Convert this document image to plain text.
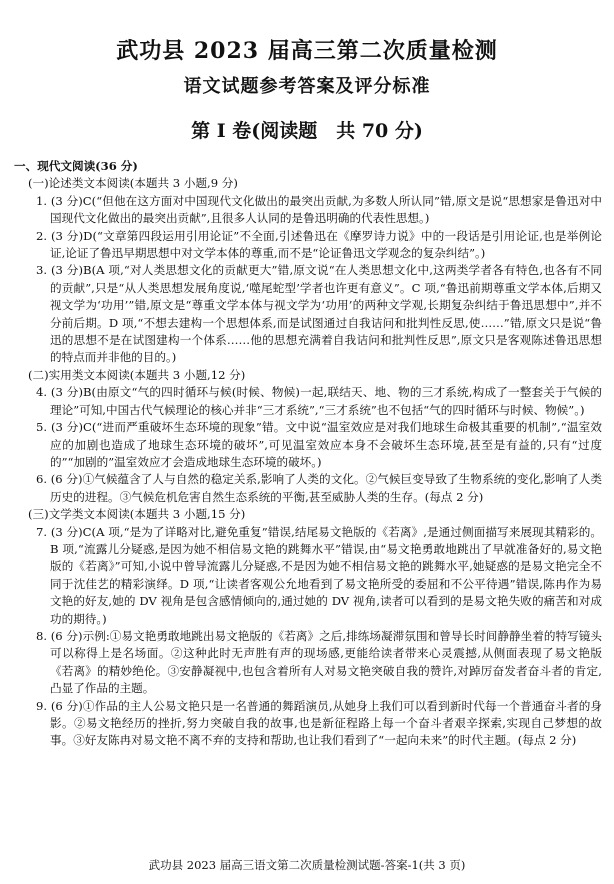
武功县 2023 届高三第二次质量检测
语文试题参考答案及评分标准
第 I 卷(阅读题　共 70 分)
一、现代文阅读(36 分)
(一)论述类文本阅读(本题共 3 小题,9 分)
1. (3 分)C(“但他在这方面对中国现代文化做出的最突出贡献,为多数人所认同”错,原文是说“思想家是鲁迅对中国现代文化做出的最突出贡献”,且很多人认同的是鲁迅明确的代表性思想。)
2. (3 分)D(“文章第四段运用引用论证”不全面,引述鲁迅在《摩罗诗力说》中的一段话是引用论证,也是举例论证,论证了鲁迅早期思想中对文学本体的尊重,而不是“论证鲁迅文学观念的复杂纠结”。)
3. (3 分)B(A 项,“对人类思想文化的贡献更大”错,原文说“在人类思想文化中,这两类学者各有特色,也各有不同的贡献”,只是“从人类思想发展角度说,‘噬尾蛇型’学者也许更有意义”。C 项,“鲁迅前期尊重文学本体,后期又视文学为‘功用’”错,原文是“尊重文学本体与视文学为‘功用’的两种文学观,长期复杂纠结于鲁迅思想中”,并不分前后期。D 项,“不想去建构一个思想体系,而是试图通过自我诘问和批判性反思,使……”错,原文只是说“鲁迅的思想不是在试图建构一个体系……他的思想充满着自我诘问和批判性反思”,原文只是客观陈述鲁迅思想的特点而并非他的目的。)
(二)实用类文本阅读(本题共 3 小题,12 分)
4. (3 分)B(由原文“气的四时循环与候(时候、物候)一起,联结天、地、物的三才系统,构成了一整套关于气候的理论”可知,中国古代气候理论的核心并非“三才系统”,“三才系统”也不包括“气的四时循环与时候、物候”。)
5. (3 分)C(“进而严重破坏生态环境的现象”错。文中说“温室效应是对我们地球生命极其重要的机制”,“温室效应的加剧也造成了地球生态环境的破坏”,可见温室效应本身不会破坏生态环境,甚至是有益的,只有“过度的”“加剧的”温室效应才会造成地球生态环境的破坏。)
6. (6 分)①气候蕴含了人与自然的稳定关系,影响了人类的文化。②气候巨变导致了生物系统的变化,影响了人类历史的进程。③气候危机危害自然生态系统的平衡,甚至威胁人类的生存。(每点 2 分)
(三)文学类文本阅读(本题共 3 小题,15 分)
7. (3 分)C(A 项,“是为了详略对比,避免重复”错误,结尾易文艳版的《若离》,是通过侧面描写来展现其精彩的。B 项,“流露儿分疑惑,是因为她不相信易文艳的跳舞水平”错误,由“易文艳勇敢地跳出了早就准备好的,易文艳版的《若离》”可知,小说中曾导流露儿分疑惑,不是因为她不相信易文艳的跳舞水平,她疑惑的是易文艳完全不同于沈佳艺的精彩演绎。D 项,“让读者客观公允地看到了易文艳所受的委屈和不公平待遇”错误,陈冉作为易文艳的好友,她的 DV 视角是包含感情倾向的,通过她的 DV 视角,读者可以看到的是易文艳失败的痛苦和对成功的期待。)
8. (6 分)示例:①易文艳勇敢地跳出易文艳版的《若离》之后,排练场凝滞氛围和曾导长时间静静坐着的特写镜头可以称得上是名场面。②这种此时无声胜有声的现场感,更能给读者带来心灵震撼,从侧面表现了易文艳版《若离》的精妙绝伦。③安静凝视中,也包含着所有人对易文艳突破自我的赞许,对踔厉奋发者奋斗者的肯定,凸显了作品的主题。
9. (6 分)①作品的主人公易文艳只是一名普通的舞蹈演员,从她身上我们可以看到新时代每一个普通奋斗者的身影。②易文艳经历的挫折,努力突破自我的故事,也是新征程路上每一个奋斗者艰辛探索,实现自己梦想的故事。③好友陈冉对易文艳不离不弃的支持和帮助,也让我们看到了“一起向未来”的时代主题。(每点 2 分)
武功县 2023 届高三语文第二次质量检测试题-答案-1(共 3 页)
